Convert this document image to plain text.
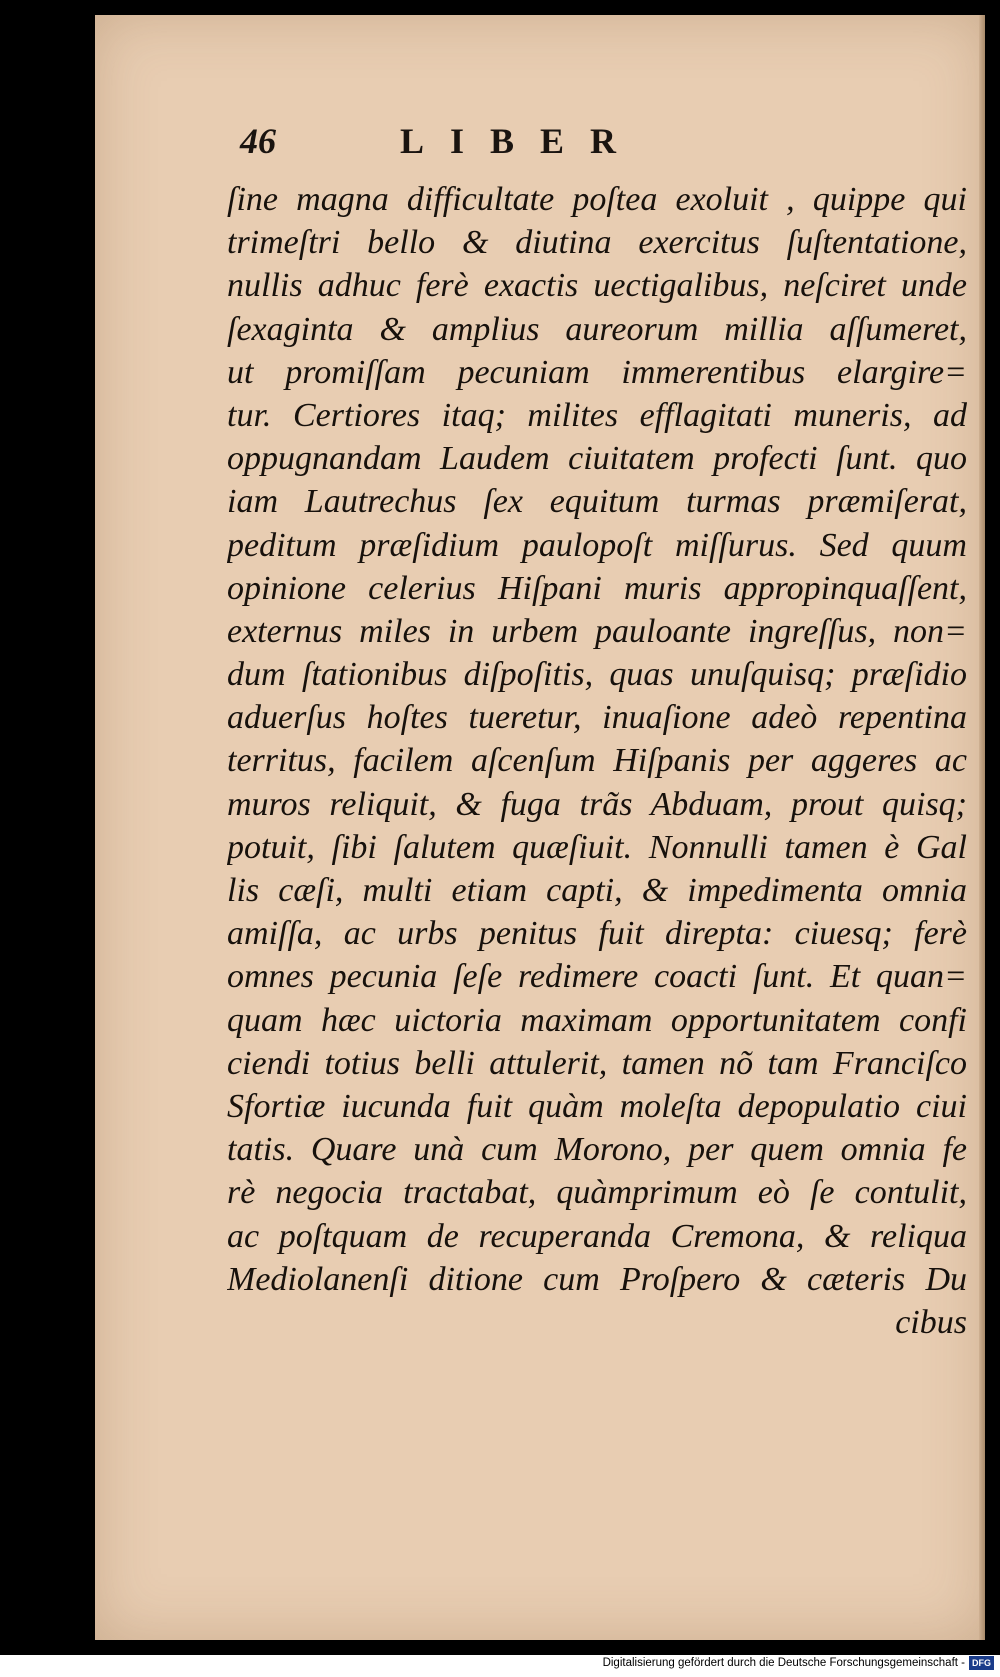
46	LIBER
ſine magna difficultate poſtea exoluit , quippe qui
trimeſtri bello & diutina exercitus ſuſtentatione,
nullis adhuc ferè exactis uectigalibus, neſciret unde
ſexaginta & amplius aureorum millia aſſumeret,
ut promiſſam pecuniam immerentibus elargire=
tur. Certiores itaq; milites efflagitati muneris, ad
oppugnandam Laudem ciuitatem profecti ſunt. quo
iam Lautrechus ſex equitum turmas præmiſerat,
peditum præſidium paulopoſt miſſurus. Sed quum
opinione celerius Hiſpani muris appropinquaſſent,
externus miles in urbem pauloante ingreſſus, non=
dum ſtationibus diſpoſitis, quas unuſquisq; præſidio
aduerſus hoſtes tueretur, inuaſione adeò repentina
territus, facilem aſcenſum Hiſpanis per aggeres ac
muros reliquit, & fuga trãs Abduam, prout quisq;
potuit, ſibi ſalutem quæſiuit. Nonnulli tamen è Gal
lis cæſi, multi etiam capti, & impedimenta omnia
amiſſa, ac urbs penitus fuit direpta: ciuesq; ferè
omnes pecunia ſeſe redimere coacti ſunt. Et quan=
quam hæc uictoria maximam opportunitatem confi
ciendi totius belli attulerit, tamen nõ tam Franciſco
Sfortiæ iucunda fuit quàm moleſta depopulatio ciui
tatis. Quare unà cum Morono, per quem omnia fe
rè negocia tractabat, quàmprimum eò ſe contulit,
ac poſtquam de recuperanda Cremona, & reliqua
Mediolanenſi ditione cum Proſpero & cæteris Du
cibus
Digitalisierung gefördert durch die Deutsche Forschungsgemeinschaft - DFG
